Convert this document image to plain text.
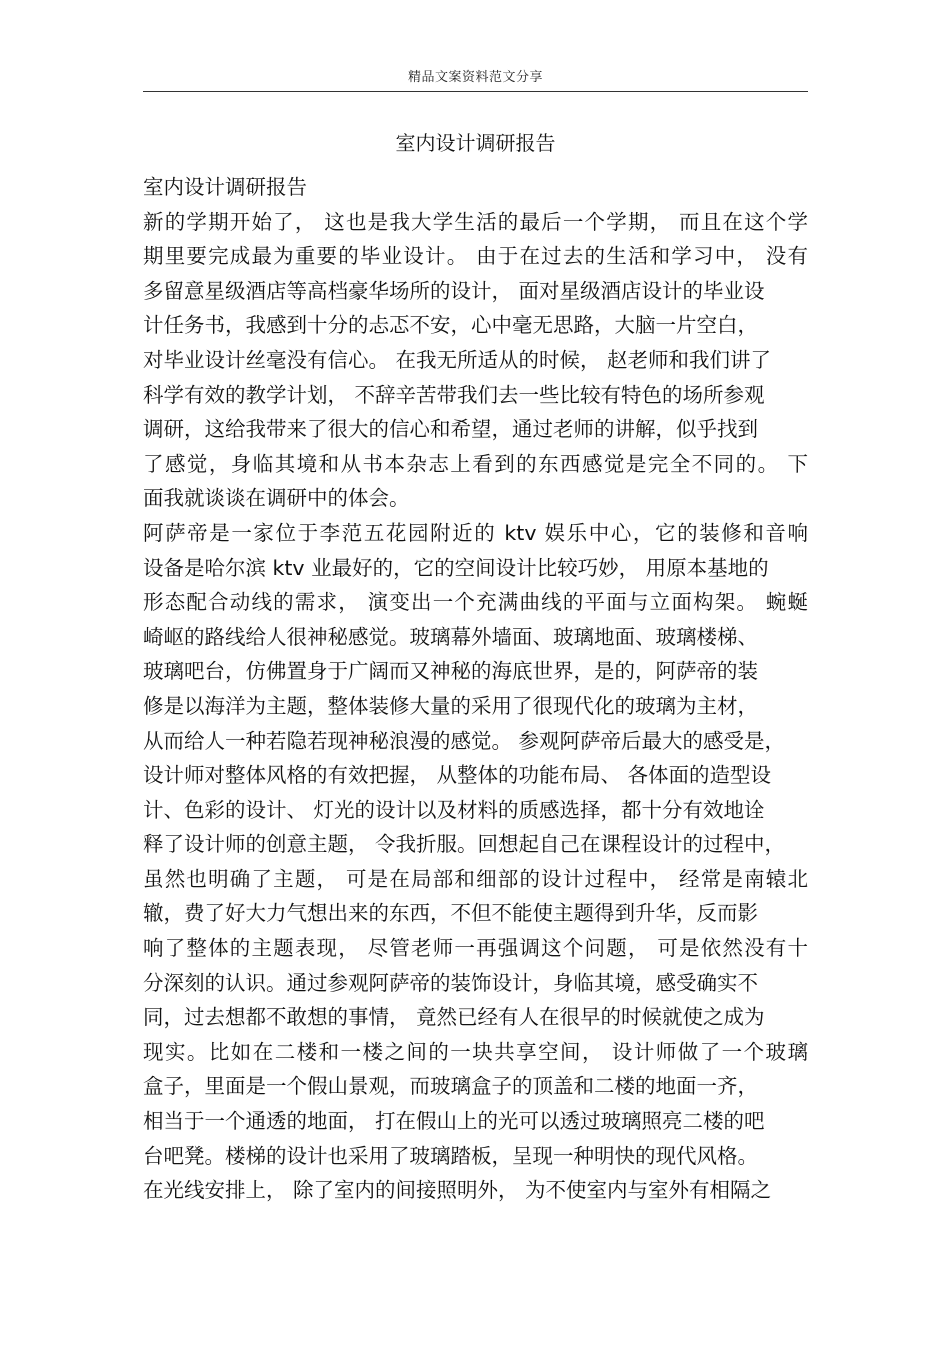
精品文案资料范文分享
室内设计调研报告
室内设计调研报告
新的学期开始了， 这也是我大学生活的最后一个学期， 而且在这个学
期里要完成最为重要的毕业设计。 由于在过去的生活和学习中， 没有
多留意星级酒店等高档豪华场所的设计， 面对星级酒店设计的毕业设
计任务书，我感到十分的忐忑不安，心中毫无思路，大脑一片空白，
对毕业设计丝毫没有信心。 在我无所适从的时候， 赵老师和我们讲了
科学有效的教学计划， 不辞辛苦带我们去一些比较有特色的场所参观
调研，这给我带来了很大的信心和希望，通过老师的讲解，似乎找到
了感觉，身临其境和从书本杂志上看到的东西感觉是完全不同的。 下
面我就谈谈在调研中的体会。
阿萨帝是一家位于李范五花园附近的 ktv 娱乐中心，它的装修和音响
设备是哈尔滨 ktv 业最好的，它的空间设计比较巧妙， 用原本基地的
形态配合动线的需求， 演变出一个充满曲线的平面与立面构架。 蜿蜒
崎岖的路线给人很神秘感觉。玻璃幕外墙面、玻璃地面、玻璃楼梯、
玻璃吧台，仿佛置身于广阔而又神秘的海底世界，是的，阿萨帝的装
修是以海洋为主题，整体装修大量的采用了很现代化的玻璃为主材，
从而给人一种若隐若现神秘浪漫的感觉。 参观阿萨帝后最大的感受是，
设计师对整体风格的有效把握， 从整体的功能布局、 各体面的造型设
计、色彩的设计、 灯光的设计以及材料的质感选择，都十分有效地诠
释了设计师的创意主题， 令我折服。回想起自己在课程设计的过程中，
虽然也明确了主题， 可是在局部和细部的设计过程中， 经常是南辕北
辙，费了好大力气想出来的东西，不但不能使主题得到升华，反而影
响了整体的主题表现， 尽管老师一再强调这个问题， 可是依然没有十
分深刻的认识。通过参观阿萨帝的装饰设计，身临其境，感受确实不
同，过去想都不敢想的事情， 竟然已经有人在很早的时候就使之成为
现实。比如在二楼和一楼之间的一块共享空间， 设计师做了一个玻璃
盒子，里面是一个假山景观，而玻璃盒子的顶盖和二楼的地面一齐，
相当于一个通透的地面， 打在假山上的光可以透过玻璃照亮二楼的吧
台吧凳。楼梯的设计也采用了玻璃踏板，呈现一种明快的现代风格。
在光线安排上， 除了室内的间接照明外， 为不使室内与室外有相隔之
